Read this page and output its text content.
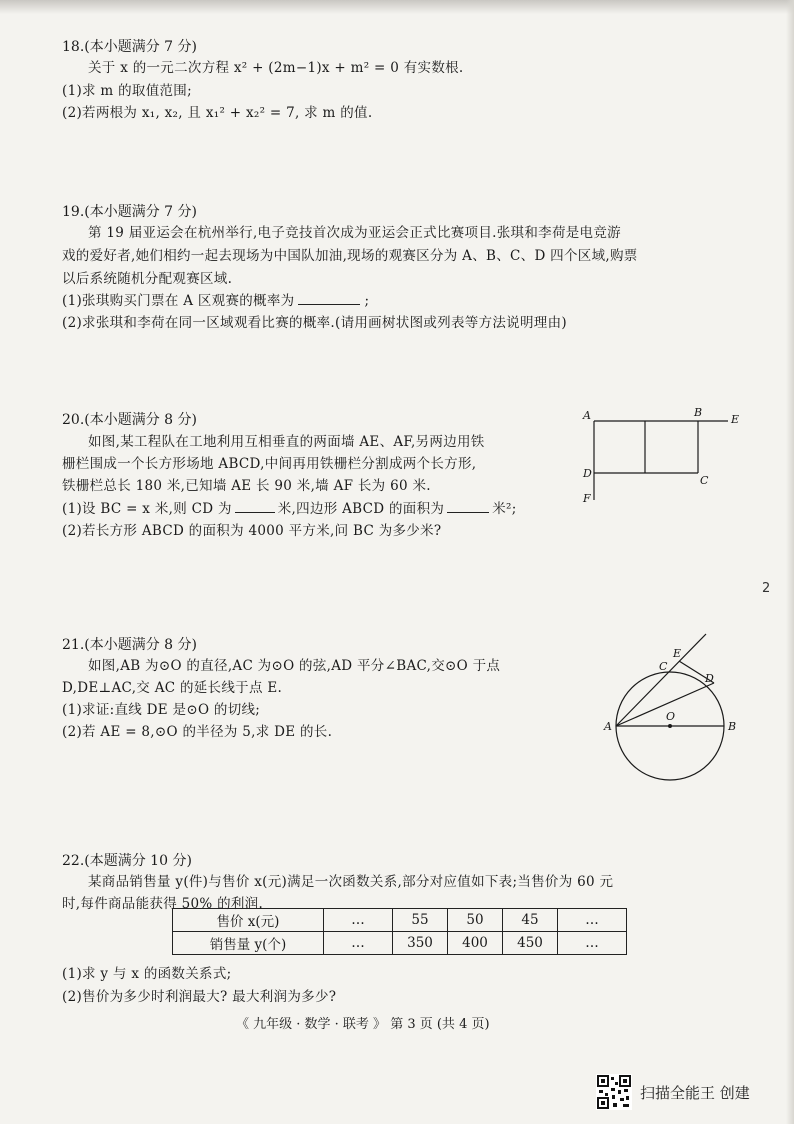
18.(本小题满分 7 分)
关于 x 的一元二次方程 x² + (2m−1)x + m² = 0 有实数根.
(1)求 m 的取值范围;
(2)若两根为 x₁, x₂, 且 x₁² + x₂² = 7, 求 m 的值.
19.(本小题满分 7 分)
第 19 届亚运会在杭州举行,电子竞技首次成为亚运会正式比赛项目.张琪和李荷是电竞游
戏的爱好者,她们相约一起去现场为中国队加油,现场的观赛区分为 A、B、C、D 四个区域,购票
以后系统随机分配观赛区域.
(1)张琪购买门票在 A 区观赛的概率为	;
(2)求张琪和李荷在同一区域观看比赛的概率.(请用画树状图或列表等方法说明理由)
20.(本小题满分 8 分)
如图,某工程队在工地利用互相垂直的两面墙 AE、AF,另两边用铁
栅栏围成一个长方形场地 ABCD,中间再用铁栅栏分割成两个长方形,
铁栅栏总长 180 米,已知墙 AE 长 90 米,墙 AF 长为 60 米.
(1)设 BC = x 米,则 CD 为	米,四边形 ABCD 的面积为	米²;
(2)若长方形 ABCD 的面积为 4000 平方米,问 BC 为多少米?
A	B
E
D
C
F
2
21.(本小题满分 8 分)
如图,AB 为⊙O 的直径,AC 为⊙O 的弦,AD 平分∠BAC,交⊙O 于点
D,DE⊥AC,交 AC 的延长线于点 E.
(1)求证:直线 DE 是⊙O 的切线;
(2)若 AE = 8,⊙O 的半径为 5,求 DE 的长.	A	B
C
D
E
O
22.(本题满分 10 分)
某商品销售量 y(件)与售价 x(元)满足一次函数关系,部分对应值如下表;当售价为 60 元
时,每件商品能获得 50% 的利润.
售价 x(元)	…	55	50	45	…
销售量 y(个)	…	350	400	450	…
(1)求 y 与 x 的函数关系式;
(2)售价为多少时利润最大? 最大利润为多少?
《 九年级 · 数学 · 联考 》 第 3 页 (共 4 页)
扫描全能王 创建
